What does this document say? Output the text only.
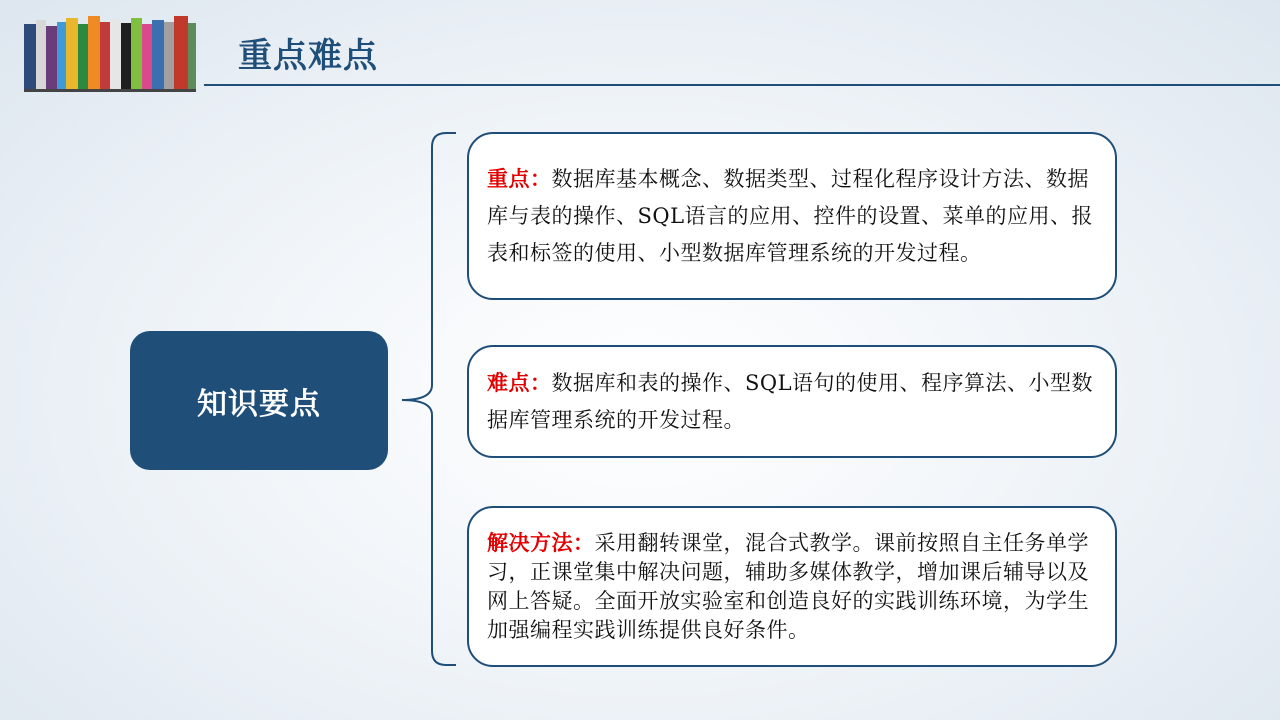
重点难点
知识要点

重点：数据库基本概念、数据类型、过程化程序设计方法、数据库与表的操作、SQL语言的应用、控件的设置、菜单的应用、报表和标签的使用、小型数据库管理系统的开发过程。

难点：数据库和表的操作、SQL语句的使用、程序算法、小型数据库管理系统的开发过程。

解决方法：采用翻转课堂，混合式教学。课前按照自主任务单学习，正课堂集中解决问题，辅助多媒体教学，增加课后辅导以及网上答疑。全面开放实验室和创造良好的实践训练环境，为学生加强编程实践训练提供良好条件。
